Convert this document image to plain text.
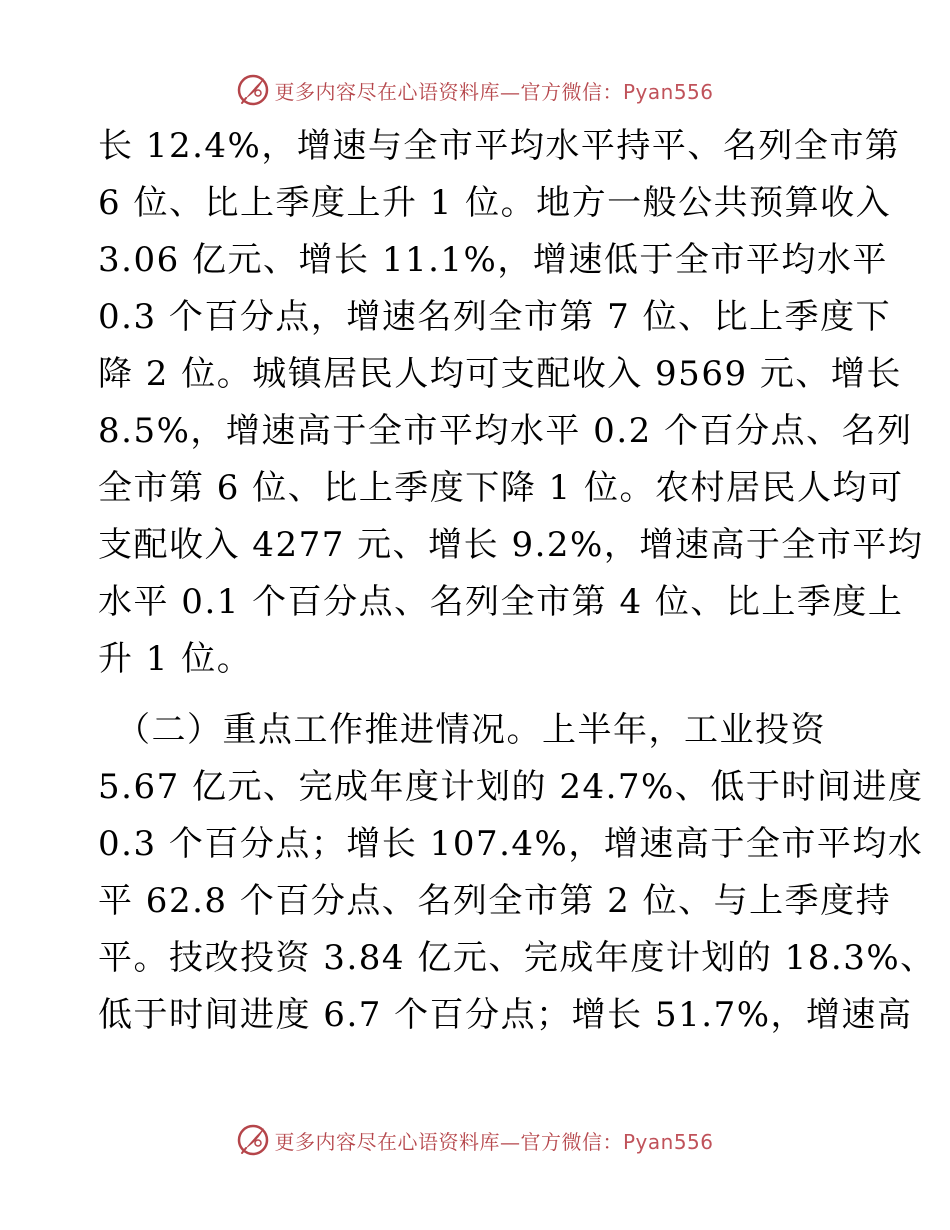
更多内容尽在心语资料库—官方微信：Pyan556
长 12.4%，增速与全市平均水平持平、名列全市第
6 位、比上季度上升 1 位。地方一般公共预算收入
3.06 亿元、增长 11.1%，增速低于全市平均水平
0.3 个百分点，增速名列全市第 7 位、比上季度下
降 2 位。城镇居民人均可支配收入 9569 元、增长
8.5%，增速高于全市平均水平 0.2 个百分点、名列
全市第 6 位、比上季度下降 1 位。农村居民人均可
支配收入 4277 元、增长 9.2%，增速高于全市平均
水平 0.1 个百分点、名列全市第 4 位、比上季度上
升 1 位。
（二）重点工作推进情况。上半年，工业投资
5.67 亿元、完成年度计划的 24.7%、低于时间进度
0.3 个百分点；增长 107.4%，增速高于全市平均水
平 62.8 个百分点、名列全市第 2 位、与上季度持
平。技改投资 3.84 亿元、完成年度计划的 18.3%、
低于时间进度 6.7 个百分点；增长 51.7%，增速高
更多内容尽在心语资料库—官方微信：Pyan556
